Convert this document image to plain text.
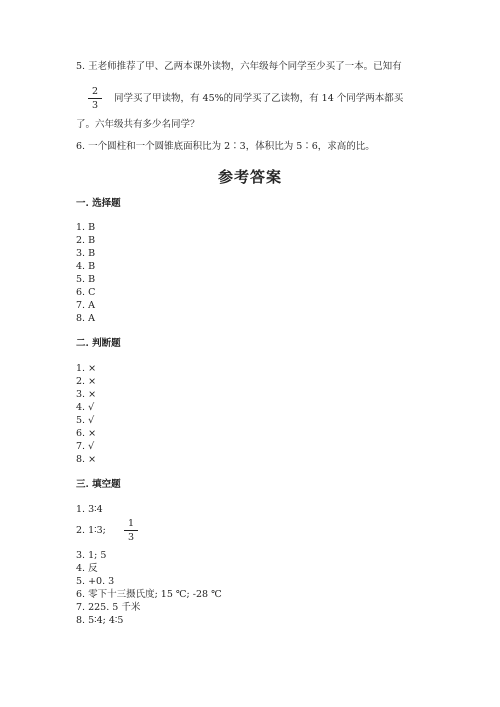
5. 王老师推荐了甲、乙两本课外读物，六年级每个同学至少买了一本。已知有
2
3
同学买了甲读物，有 45%的同学买了乙读物，有 14 个同学两本都买
了。六年级共有多少名同学？
6. 一个圆柱和一个圆锥底面积比为 2∶3，体积比为 5∶6，求高的比。
参考答案
一. 选择题
1. B
2. B
3. B
4. B
5. B
6. C
7. A
8. A
二. 判断题
1. ×
2. ×
3. ×
4. √
5. √
6. ×
7. √
8. ×
三. 填空题
1. 3∶4
2. 1∶3;
1
3
3. 1; 5
4. 反
5. +0. 3
6. 零下十三摄氏度; 15 ℃; -28 ℃
7. 225. 5 千米
8. 5∶4; 4∶5
